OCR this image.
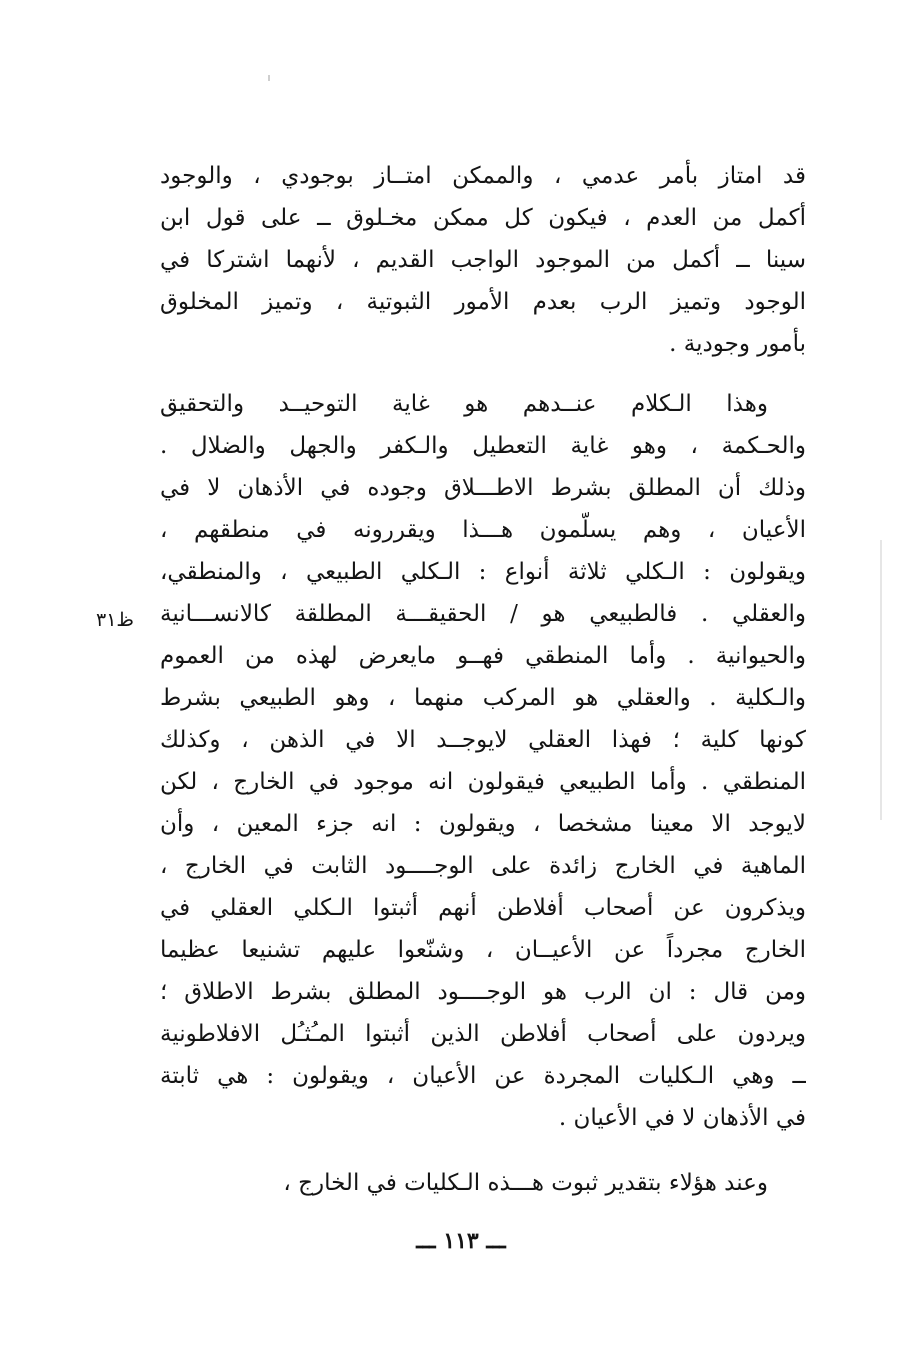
قد امتاز بأمر عدمي ، والممكن امتــاز بوجودي ، والوجود
أكمل من العدم ، فيكون كل ممكن مخـلوق ــ على قول ابن
سينا ــ أكمل من الموجود الواجب القديم ، لأنهما اشتركا في
الوجود وتميز الرب بعدم الأمور الثبوتية ، وتميز المخلوق
بأمور وجودية .
وهذا الـكلام عنــدهم هو غاية التوحيــد والتحقيق
والحـكمة ، وهو غاية التعطيل والـكفر والجهل والضلال .
وذلك أن المطلق بشرط الاطـــلاق وجوده في الأذهان لا في
الأعيان ، وهم يسلّمون هـــذا ويقررونه في منطقهم ،
ويقولون : الـكلي ثلاثة أنواع : الـكلي الطبيعي ، والمنطقي،
والعقلي . فالطبيعي هو / الحقيقـــة المطلقة كالانســـانية
والحيوانية . وأما المنطقي فهــو مايعرض لهذه من العموم
والـكلية . والعقلي هو المركب منهما ، وهو الطبيعي بشرط
كونها كلية ؛ فهذا العقلي لايوجــد الا في الذهن ، وكذلك
المنطقي . وأما الطبيعي فيقولون انه موجود في الخارج ، لكن
لايوجد الا معينا مشخصا ، ويقولون : انه جزء المعين ، وأن
الماهية في الخارج زائدة على الوجــــود الثابت في الخارج ،
ويذكرون عن أصحاب أفلاطن أنهم أثبتوا الـكلي العقلي في
الخارج مجرداً عن الأعيــان ، وشنّعوا عليهم تشنيعا عظيما
ومن قال : ان الرب هو الوجــــود المطلق بشرط الاطلاق ؛
ويردون على أصحاب أفلاطن الذين أثبتوا المـُثـُل الافلاطونية
ــ وهي الـكليات المجردة عن الأعيان ، ويقولون : هي ثابتة
في الأذهان لا في الأعيان .
وعند هؤلاء بتقدير ثبوت هـــذه الـكليات في الخارج ،
ظ٣١
ـــ ١١٣ ـــ
